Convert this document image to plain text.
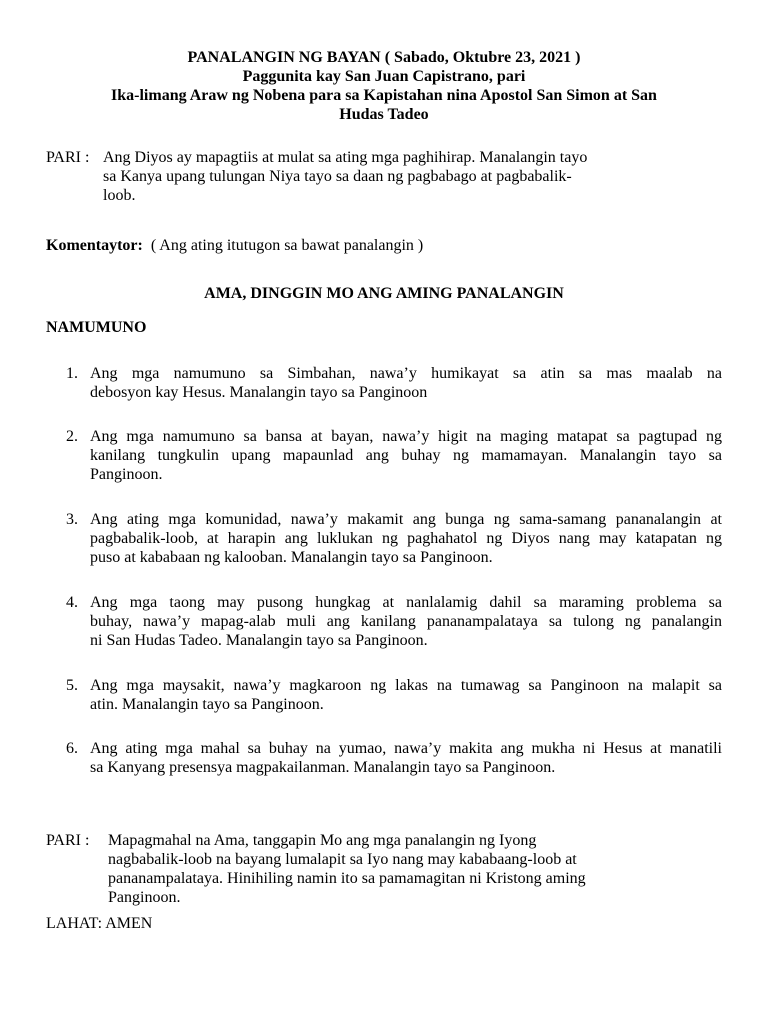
PANALANGIN NG BAYAN ( Sabado, Oktubre 23, 2021 )
Paggunita kay San Juan Capistrano, pari
Ika-limang Araw ng Nobena para sa Kapistahan nina Apostol San Simon at San
Hudas Tadeo
PARI : Ang Diyos ay mapagtiis at mulat sa ating mga paghihirap. Manalangin tayo
sa Kanya upang tulungan Niya tayo sa daan ng pagbabago at pagbabalik-
loob.
Komentaytor: ( Ang ating itutugon sa bawat panalangin )
AMA, DINGGIN MO ANG AMING PANALANGIN
NAMUMUNO
1. Ang mga namumuno sa Simbahan, nawa’y humikayat sa atin sa mas maalab na
debosyon kay Hesus. Manalangin tayo sa Panginoon
2. Ang mga namumuno sa bansa at bayan, nawa’y higit na maging matapat sa pagtupad ng
kanilang tungkulin upang mapaunlad ang buhay ng mamamayan. Manalangin tayo sa
Panginoon.
3. Ang ating mga komunidad, nawa’y makamit ang bunga ng sama-samang pananalangin at
pagbabalik-loob, at harapin ang luklukan ng paghahatol ng Diyos nang may katapatan ng
puso at kababaan ng kalooban. Manalangin tayo sa Panginoon.
4. Ang mga taong may pusong hungkag at nanlalamig dahil sa maraming problema sa
buhay, nawa’y mapag-alab muli ang kanilang pananampalataya sa tulong ng panalangin
ni San Hudas Tadeo. Manalangin tayo sa Panginoon.
5. Ang mga maysakit, nawa’y magkaroon ng lakas na tumawag sa Panginoon na malapit sa
atin. Manalangin tayo sa Panginoon.
6. Ang ating mga mahal sa buhay na yumao, nawa’y makita ang mukha ni Hesus at manatili
sa Kanyang presensya magpakailanman. Manalangin tayo sa Panginoon.
PARI : Mapagmahal na Ama, tanggapin Mo ang mga panalangin ng Iyong
nagbabalik-loob na bayang lumalapit sa Iyo nang may kababaang-loob at
pananampalataya. Hinihiling namin ito sa pamamagitan ni Kristong aming
Panginoon.
LAHAT: AMEN
